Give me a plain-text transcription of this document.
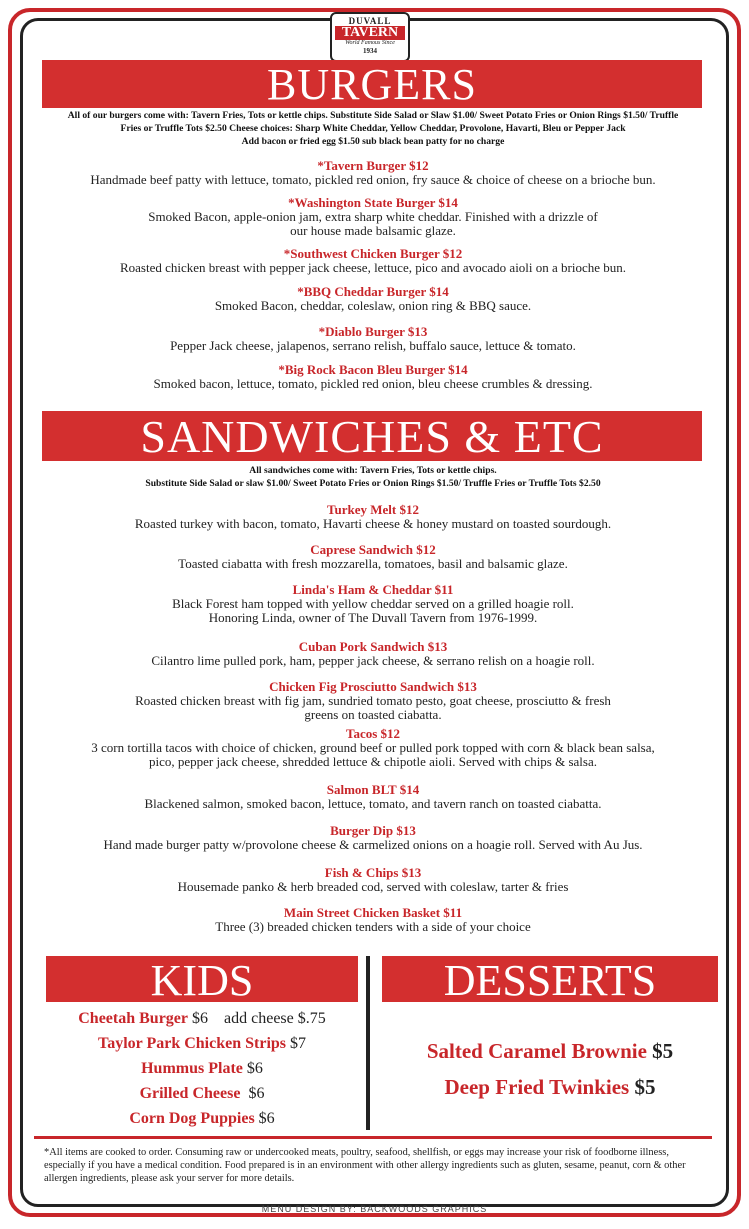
DUVALL
TAVERN
World Famous Since
1934
BURGERS
All of our burgers come with: Tavern Fries, Tots or kettle chips. Substitute Side Salad or Slaw $1.00/ Sweet Potato Fries or Onion Rings $1.50/ Truffle
Fries or Truffle Tots $2.50 Cheese choices: Sharp White Cheddar, Yellow Cheddar, Provolone, Havarti, Bleu or Pepper Jack
Add bacon or fried egg $1.50 sub black bean patty for no charge
*Tavern Burger $12
Handmade beef patty with lettuce, tomato, pickled red onion, fry sauce & choice of cheese on a brioche bun.
*Washington State Burger $14
Smoked Bacon, apple-onion jam, extra sharp white cheddar. Finished with a drizzle of
our house made balsamic glaze.
*Southwest Chicken Burger $12
Roasted chicken breast with pepper jack cheese, lettuce, pico and avocado aioli on a brioche bun.
*BBQ Cheddar Burger $14
Smoked Bacon, cheddar, coleslaw, onion ring & BBQ sauce.
*Diablo Burger $13
Pepper Jack cheese, jalapenos, serrano relish, buffalo sauce, lettuce & tomato.
*Big Rock Bacon Bleu Burger $14
Smoked bacon, lettuce, tomato, pickled red onion, bleu cheese crumbles & dressing.
SANDWICHES & ETC
All sandwiches come with: Tavern Fries, Tots or kettle chips.
Substitute Side Salad or slaw $1.00/ Sweet Potato Fries or Onion Rings $1.50/ Truffle Fries or Truffle Tots $2.50
Turkey Melt $12
Roasted turkey with bacon, tomato, Havarti cheese & honey mustard on toasted sourdough.
Caprese Sandwich $12
Toasted ciabatta with fresh mozzarella, tomatoes, basil and balsamic glaze.
Linda's Ham & Cheddar $11
Black Forest ham topped with yellow cheddar served on a grilled hoagie roll.
Honoring Linda, owner of The Duvall Tavern from 1976-1999.
Cuban Pork Sandwich $13
Cilantro lime pulled pork, ham, pepper jack cheese, & serrano relish on a hoagie roll.
Chicken Fig Prosciutto Sandwich $13
Roasted chicken breast with fig jam, sundried tomato pesto, goat cheese, prosciutto & fresh
greens on toasted ciabatta.
Tacos $12
3 corn tortilla tacos with choice of chicken, ground beef or pulled pork topped with corn & black bean salsa,
pico, pepper jack cheese, shredded lettuce & chipotle aioli. Served with chips & salsa.
Salmon BLT $14
Blackened salmon, smoked bacon, lettuce, tomato, and tavern ranch on toasted ciabatta.
Burger Dip $13
Hand made burger patty w/provolone cheese & carmelized onions on a hoagie roll. Served with Au Jus.
Fish & Chips $13
Housemade panko & herb breaded cod, served with coleslaw, tarter & fries
Main Street Chicken Basket $11
Three (3) breaded chicken tenders with a side of your choice
KIDS	DESSERTS
Cheetah Burger $6    add cheese $.75
Taylor Park Chicken Strips $7
Hummus Plate $6
Grilled Cheese  $6
Corn Dog Puppies $6
Salted Caramel Brownie $5
Deep Fried Twinkies $5
*All items are cooked to order. Consuming raw or undercooked meats, poultry, seafood, shellfish, or eggs may increase your risk of foodborne illness, especially if you have a medical condition. Food prepared is in an environment with other allergy ingredients such as gluten, sesame, peanut, corn & other allergen ingredients, please ask your server for more details.
MENU DESIGN BY: BACKWOODS GRAPHICS
